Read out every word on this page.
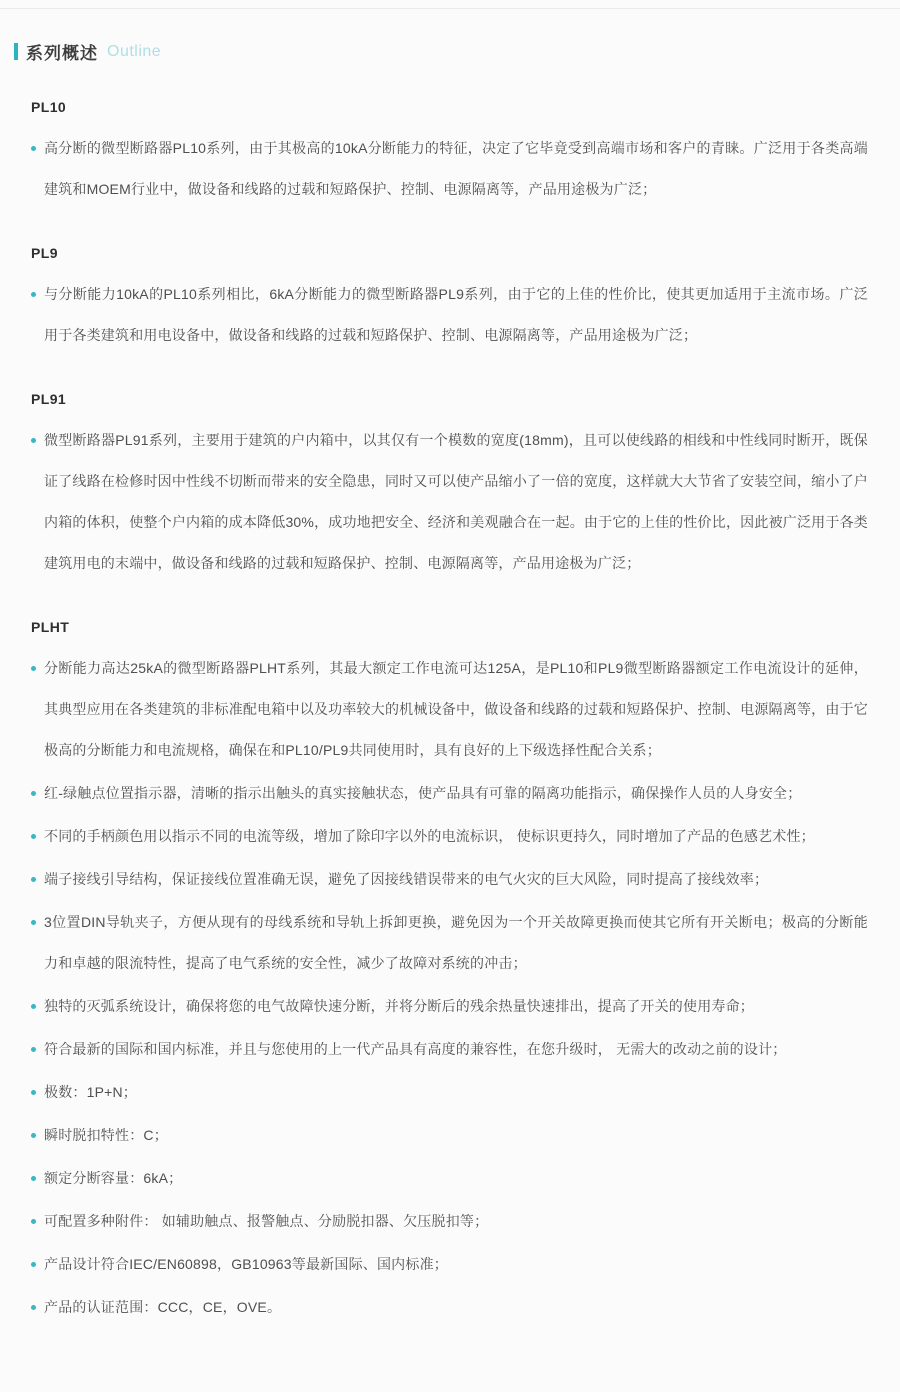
系列概述 Outline
PL10

高分断的微型断路器PL10系列，由于其极高的10kA分断能力的特征，决定了它毕竟受到高端市场和客户的青睐。广泛用于各类高端建筑和MOEM行业中，做设备和线路的过载和短路保护、控制、电源隔离等，产品用途极为广泛；

PL9

与分断能力10kA的PL10系列相比，6kA分断能力的微型断路器PL9系列，由于它的上佳的性价比，使其更加适用于主流市场。广泛用于各类建筑和用电设备中，做设备和线路的过载和短路保护、控制、电源隔离等，产品用途极为广泛；

PL91

微型断路器PL91系列，主要用于建筑的户内箱中，以其仅有一个模数的宽度(18mm)，且可以使线路的相线和中性线同时断开，既保证了线路在检修时因中性线不切断而带来的安全隐患，同时又可以使产品缩小了一倍的宽度，这样就大大节省了安装空间，缩小了户内箱的体积，使整个户内箱的成本降低30%，成功地把安全、经济和美观融合在一起。由于它的上佳的性价比，因此被广泛用于各类建筑用电的末端中，做设备和线路的过载和短路保护、控制、电源隔离等，产品用途极为广泛；

PLHT

分断能力高达25kA的微型断路器PLHT系列，其最大额定工作电流可达125A，是PL10和PL9微型断路器额定工作电流设计的延伸，其典型应用在各类建筑的非标准配电箱中以及功率较大的机械设备中，做设备和线路的过载和短路保护、控制、电源隔离等，由于它极高的分断能力和电流规格，确保在和PL10/PL9共同使用时，具有良好的上下级选择性配合关系；

红-绿触点位置指示器，清晰的指示出触头的真实接触状态，使产品具有可靠的隔离功能指示，确保操作人员的人身安全；

不同的手柄颜色用以指示不同的电流等级，增加了除印字以外的电流标识， 使标识更持久，同时增加了产品的色感艺术性；

端子接线引导结构，保证接线位置准确无误，避免了因接线错误带来的电气火灾的巨大风险，同时提高了接线效率；

3位置DIN导轨夹子，方便从现有的母线系统和导轨上拆卸更换，避免因为一个开关故障更换而使其它所有开关断电；极高的分断能力和卓越的限流特性，提高了电气系统的安全性，减少了故障对系统的冲击；

独特的灭弧系统设计，确保将您的电气故障快速分断，并将分断后的残余热量快速排出，提高了开关的使用寿命；

符合最新的国际和国内标准，并且与您使用的上一代产品具有高度的兼容性，在您升级时， 无需大的改动之前的设计；

极数：1P+N；

瞬时脱扣特性：C；

额定分断容量：6kA；

可配置多种附件： 如辅助触点、报警触点、分励脱扣器、欠压脱扣等；

产品设计符合IEC/EN60898，GB10963等最新国际、国内标准；

产品的认证范围：CCC，CE，OVE。
